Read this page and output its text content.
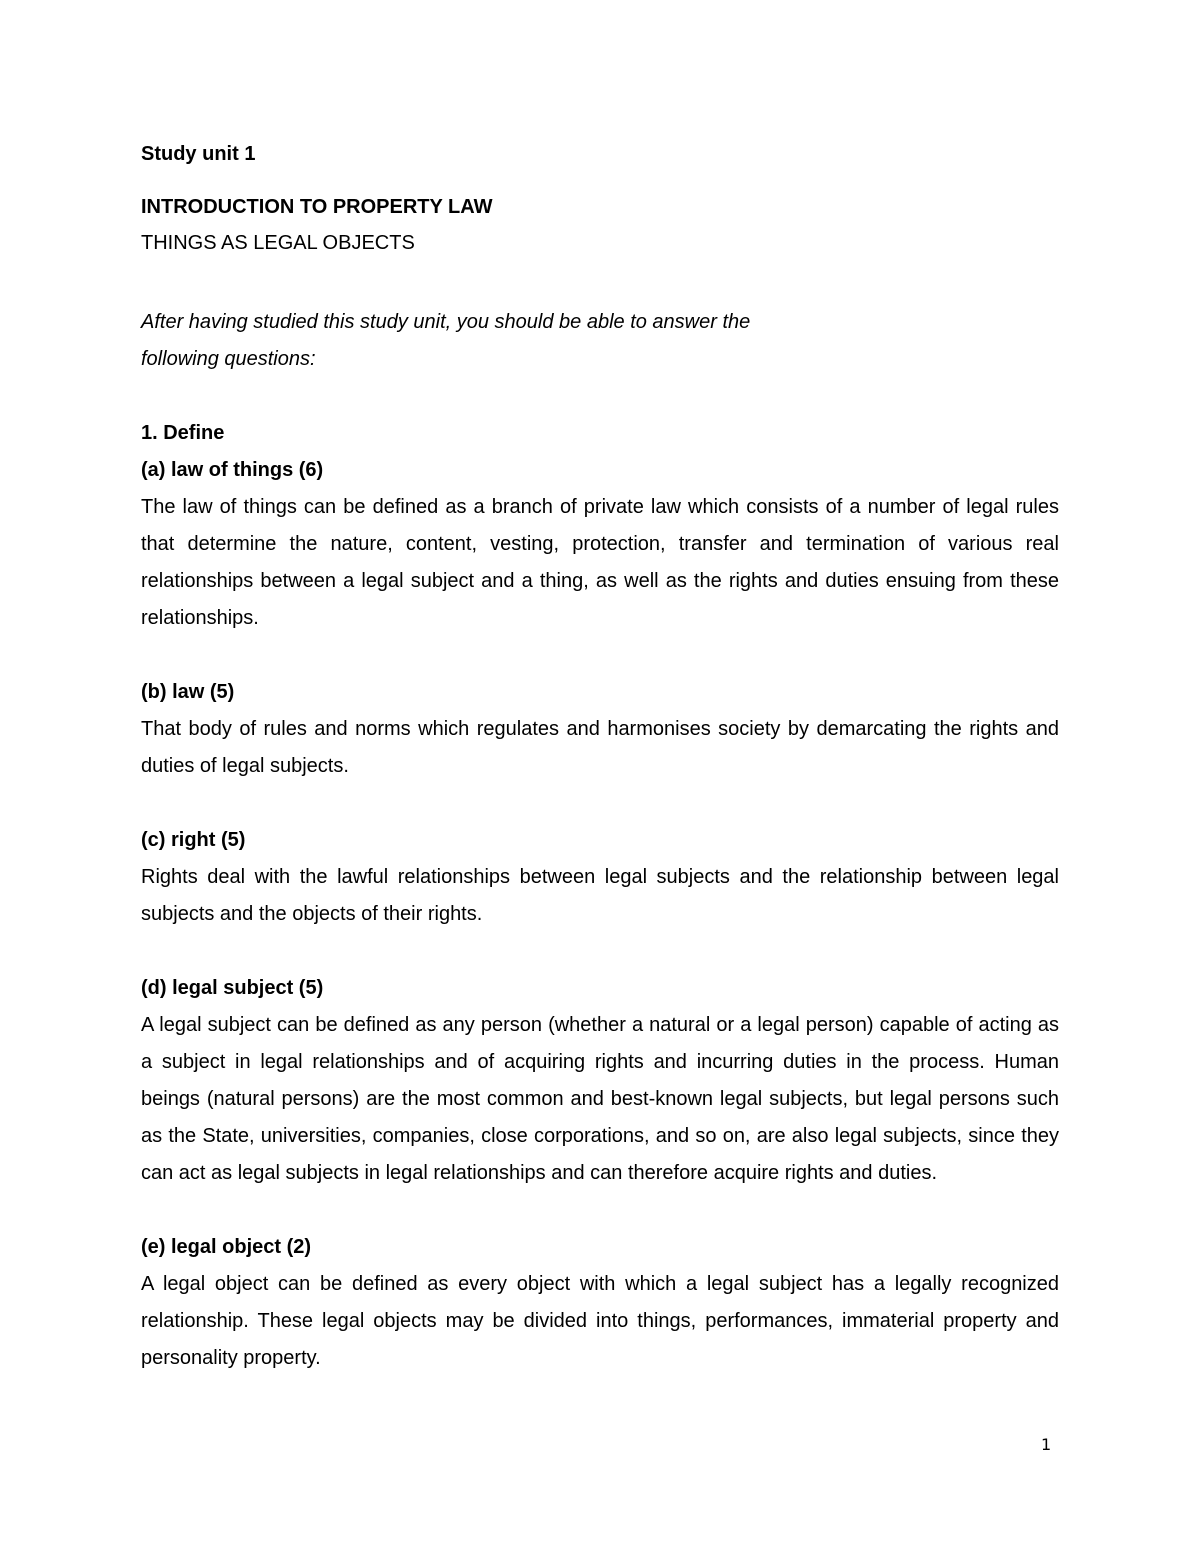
Study unit 1

INTRODUCTION TO PROPERTY LAW

THINGS AS LEGAL OBJECTS

After having studied this study unit, you should be able to answer the
following questions:

1. Define

(a) law of things (6)

The law of things can be defined as a branch of private law which consists of a number of legal rules that determine the nature, content, vesting, protection, transfer and termination of various real relationships between a legal subject and a thing, as well as the rights and duties ensuing from these relationships.

(b) law (5)

That body of rules and norms which regulates and harmonises society by demarcating the rights and duties of legal subjects.

(c) right (5)

Rights deal with the lawful relationships between legal subjects and the relationship between legal subjects and the objects of their rights.

(d) legal subject (5)

A legal subject can be defined as any person (whether a natural or a legal person) capable of acting as a subject in legal relationships and of acquiring rights and incurring duties in the process. Human beings (natural persons) are the most common and best-known legal subjects, but legal persons such as the State, universities, companies, close corporations, and so on, are also legal subjects, since they can act as legal subjects in legal relationships and can therefore acquire rights and duties.

(e) legal object (2)

A legal object can be defined as every object with which a legal subject has a legally recognized relationship. These legal objects may be divided into things, performances, immaterial property and personality property.

1
